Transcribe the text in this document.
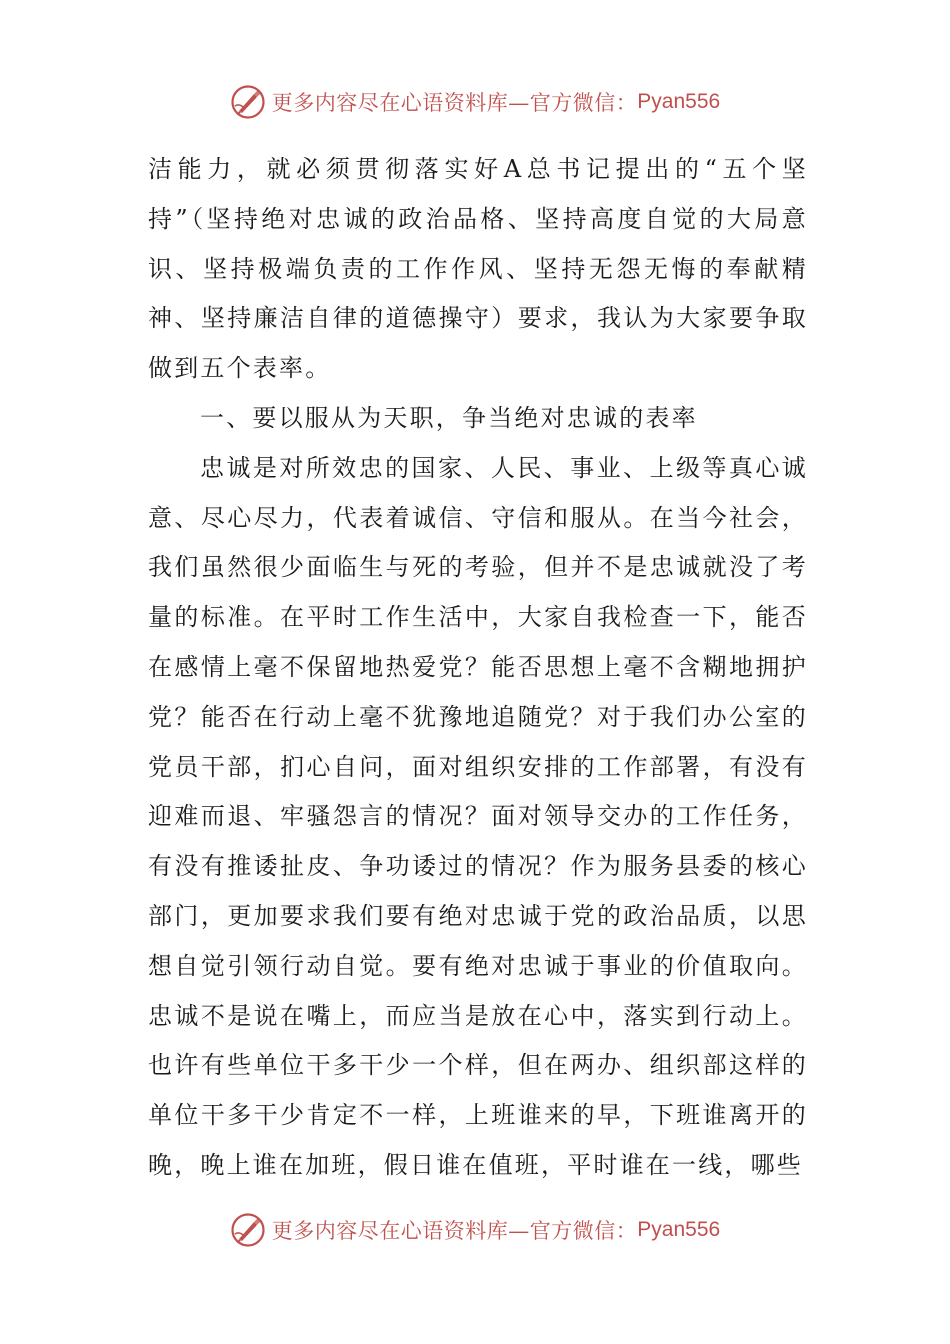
更多内容尽在心语资料库—官方微信： Pyan556

洁能力，就必须贯彻落实好A总书记提出的“五个坚持”（坚持绝对忠诚的政治品格、坚持高度自觉的大局意识、坚持极端负责的工作作风、坚持无怨无悔的奉献精神、坚持廉洁自律的道德操守）要求，我认为大家要争取做到五个表率。

一、要以服从为天职，争当绝对忠诚的表率

忠诚是对所效忠的国家、人民、事业、上级等真心诚意、尽心尽力，代表着诚信、守信和服从。在当今社会，我们虽然很少面临生与死的考验，但并不是忠诚就没了考量的标准。在平时工作生活中，大家自我检查一下，能否在感情上毫不保留地热爱党？能否思想上毫不含糊地拥护党？能否在行动上毫不犹豫地追随党？对于我们办公室的党员干部，扪心自问，面对组织安排的工作部署，有没有迎难而退、牢骚怨言的情况？面对领导交办的工作任务，有没有推诿扯皮、争功诿过的情况？作为服务县委的核心部门，更加要求我们要有绝对忠诚于党的政治品质，以思想自觉引领行动自觉。要有绝对忠诚于事业的价值取向。忠诚不是说在嘴上，而应当是放在心中，落实到行动上。也许有些单位干多干少一个样，但在两办、组织部这样的单位干多干少肯定不一样，上班谁来的早，下班谁离开的晚，晚上谁在加班，假日谁在值班，平时谁在一线，哪些

更多内容尽在心语资料库—官方微信： Pyan556
